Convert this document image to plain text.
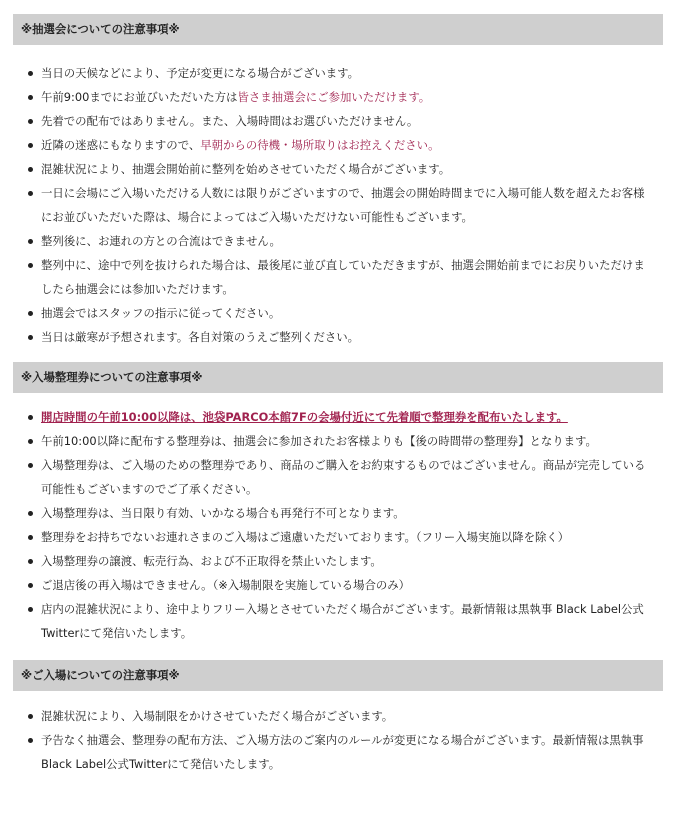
※抽選会についての注意事項※
当日の天候などにより、予定が変更になる場合がございます。
午前9:00までにお並びいただいた方は皆さま抽選会にご参加いただけます。
先着での配布ではありません。また、入場時間はお選びいただけません。
近隣の迷惑にもなりますので、早朝からの待機・場所取りはお控えください。
混雑状況により、抽選会開始前に整列を始めさせていただく場合がございます。
一日に会場にご入場いただける人数には限りがございますので、抽選会の開始時間までに入場可能人数を超えたお客様にお並びいただいた際は、場合によってはご入場いただけない可能性もございます。
整列後に、お連れの方との合流はできません。
整列中に、途中で列を抜けられた場合は、最後尾に並び直していただきますが、抽選会開始前までにお戻りいただけましたら抽選会には参加いただけます。
抽選会ではスタッフの指示に従ってください。
当日は厳寒が予想されます。各自対策のうえご整列ください。
※入場整理券についての注意事項※
開店時間の午前10:00以降は、池袋PARCO本館7Fの会場付近にて先着順で整理券を配布いたします。
午前10:00以降に配布する整理券は、抽選会に参加されたお客様よりも【後の時間帯の整理券】となります。
入場整理券は、ご入場のための整理券であり、商品のご購入をお約束するものではございません。商品が完売している可能性もございますのでご了承ください。
入場整理券は、当日限り有効、いかなる場合も再発行不可となります。
整理券をお持ちでないお連れさまのご入場はご遠慮いただいております。（フリー入場実施以降を除く）
入場整理券の譲渡、転売行為、および不正取得を禁止いたします。
ご退店後の再入場はできません。（※入場制限を実施している場合のみ）
店内の混雑状況により、途中よりフリー入場とさせていただく場合がございます。最新情報は黒執事 Black Label公式Twitterにて発信いたします。
※ご入場についての注意事項※
混雑状況により、入場制限をかけさせていただく場合がございます。
予告なく抽選会、整理券の配布方法、ご入場方法のご案内のルールが変更になる場合がございます。最新情報は黒執事 Black Label公式Twitterにて発信いたします。
